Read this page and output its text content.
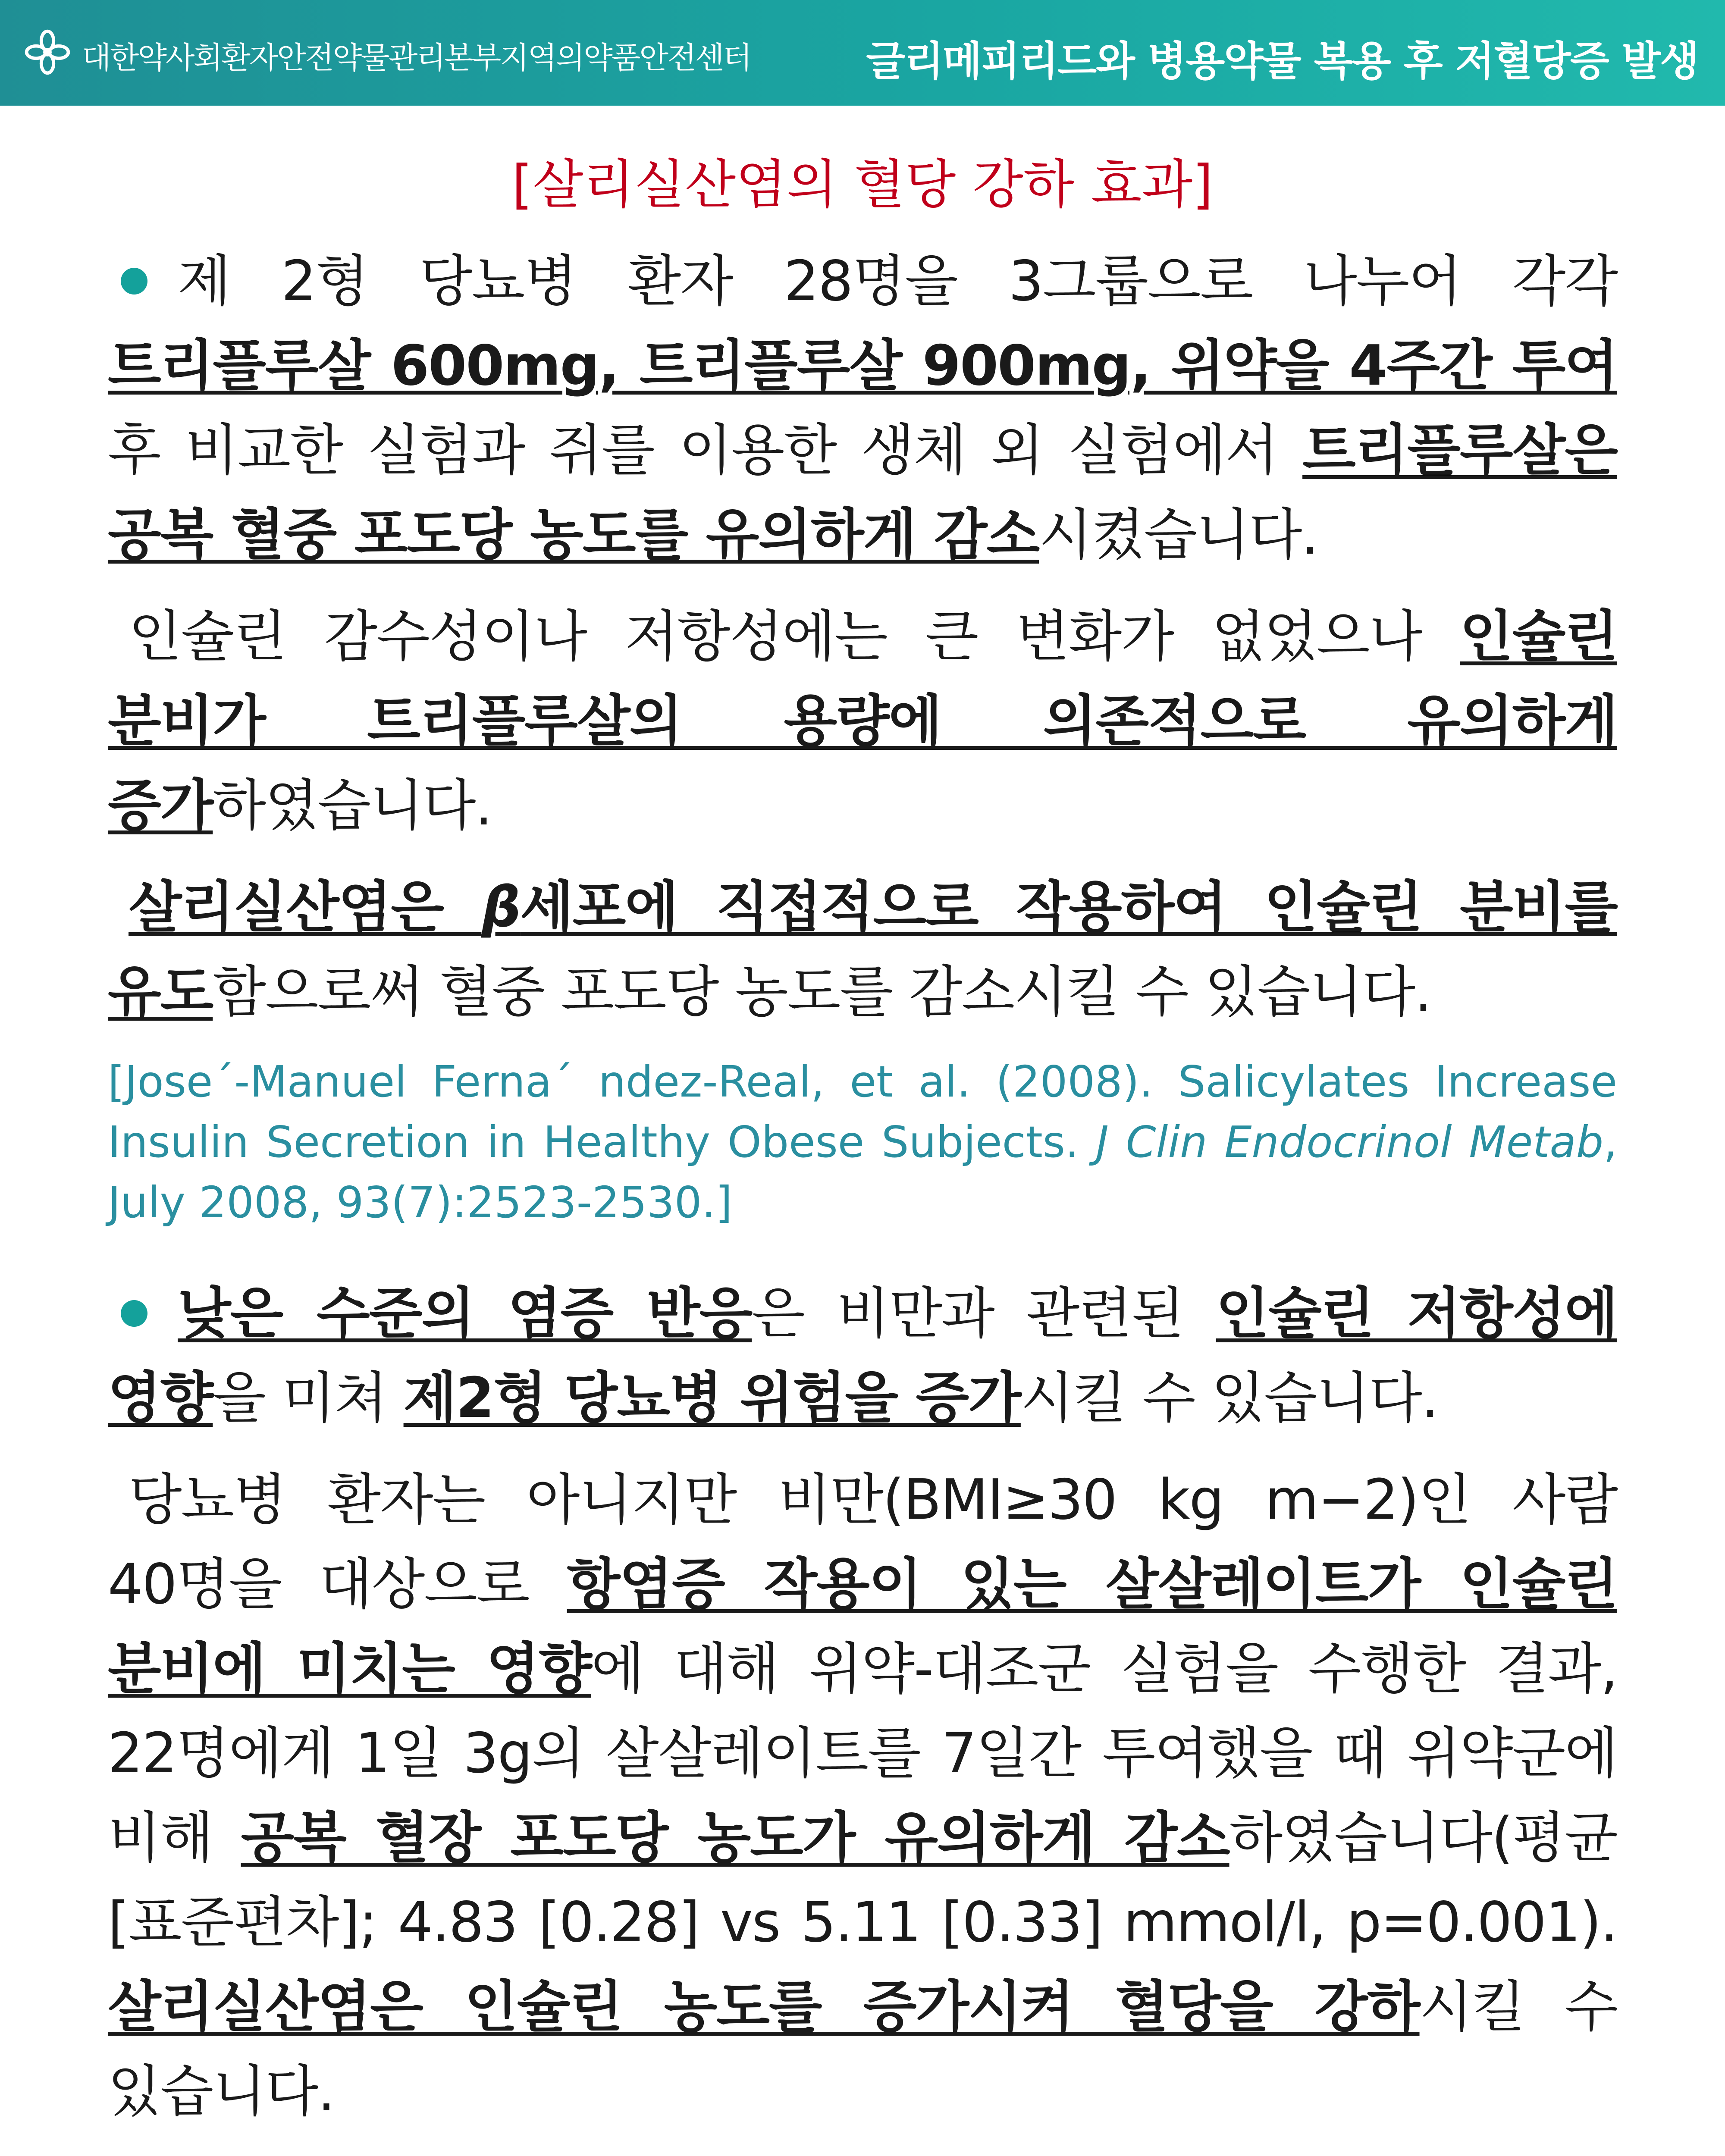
대한약사회환자안전약물관리본부지역의약품안전센터	글리메피리드와 병용약물 복용 후 저혈당증 발생
[살리실산염의 혈당 강하 효과]

제 2형 당뇨병 환자 28명을 3그룹으로 나누어 각각 트리플루살 600mg, 트리플루살 900mg, 위약을 4주간 투여 후 비교한 실험과 쥐를 이용한 생체 외 실험에서 트리플루살은 공복 혈중 포도당 농도를 유의하게 감소시켰습니다.

인슐린 감수성이나 저항성에는 큰 변화가 없었으나 인슐린 분비가 트리플루살의 용량에 의존적으로 유의하게 증가하였습니다.

살리실산염은 β세포에 직접적으로 작용하여 인슐린 분비를 유도함으로써 혈중 포도당 농도를 감소시킬 수 있습니다.

[Jose´-Manuel Ferna´ ndez-Real, et al. (2008). Salicylates Increase Insulin Secretion in Healthy Obese Subjects. J Clin Endocrinol Metab, July 2008, 93(7):2523-2530.]

낮은 수준의 염증 반응은 비만과 관련된 인슐린 저항성에 영향을 미쳐 제2형 당뇨병 위험을 증가시킬 수 있습니다.

당뇨병 환자는 아니지만 비만(BMI≥30 kg m−2)인 사람 40명을 대상으로 항염증 작용이 있는 살살레이트가 인슐린 분비에 미치는 영향에 대해 위약-대조군 실험을 수행한 결과, 22명에게 1일 3g의 살살레이트를 7일간 투여했을 때 위약군에 비해 공복 혈장 포도당 농도가 유의하게 감소하였습니다(평균 [표준편차]; 4.83 [0.28] vs 5.11 [0.33] mmol/l, p=0.001). 살리실산염은 인슐린 농도를 증가시켜 혈당을 강하시킬 수 있습니다.
